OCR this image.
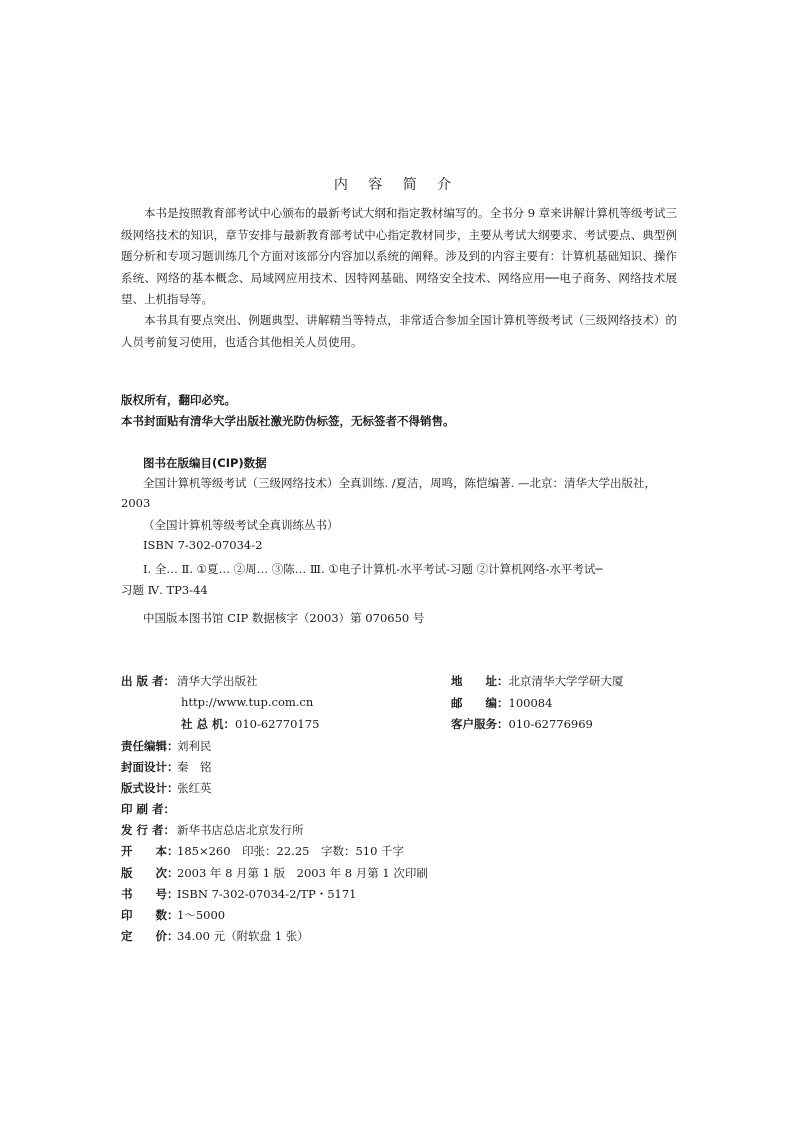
内 容 简 介
本书是按照教育部考试中心颁布的最新考试大纲和指定教材编写的。全书分 9 章来讲解计算机等级考试三级网络技术的知识，章节安排与最新教育部考试中心指定教材同步，主要从考试大纲要求、考试要点、典型例题分析和专项习题训练几个方面对该部分内容加以系统的阐释。涉及到的内容主要有：计算机基础知识、操作系统、网络的基本概念、局域网应用技术、因特网基础、网络安全技术、网络应用──电子商务、网络技术展望、上机指导等。
本书具有要点突出、例题典型、讲解精当等特点，非常适合参加全国计算机等级考试（三级网络技术）的人员考前复习使用，也适合其他相关人员使用。
版权所有，翻印必究。
本书封面贴有清华大学出版社激光防伪标签，无标签者不得销售。
图书在版编目(CIP)数据
全国计算机等级考试（三级网络技术）全真训练. /夏洁，周鸣，陈恺编著. —北京：清华大学出版社，
2003
（全国计算机等级考试全真训练丛书）
ISBN 7-302-07034-2
Ⅰ. 全… Ⅱ. ①夏… ②周… ③陈… Ⅲ. ①电子计算机-水平考试-习题 ②计算机网络-水平考试─
习题 Ⅳ. TP3-44
中国版本图书馆 CIP 数据核字（2003）第 070650 号
出 版 者： 清华大学出版社
http://www.tup.com.cn
社 总 机：010-62770175
地　　址：北京清华大学学研大厦
邮　　编：100084
客户服务：010-62776969
责任编辑：刘利民
封面设计：秦　铭
版式设计：张红英
印 刷 者：
发 行 者： 新华书店总店北京发行所
开　　本：185×260　印张：22.25　字数：510 千字
版　　次：2003 年 8 月第 1 版　2003 年 8 月第 1 次印刷
书　　号：ISBN 7-302-07034-2/TP・5171
印　　数：1～5000
定　　价：34.00 元（附软盘 1 张）
